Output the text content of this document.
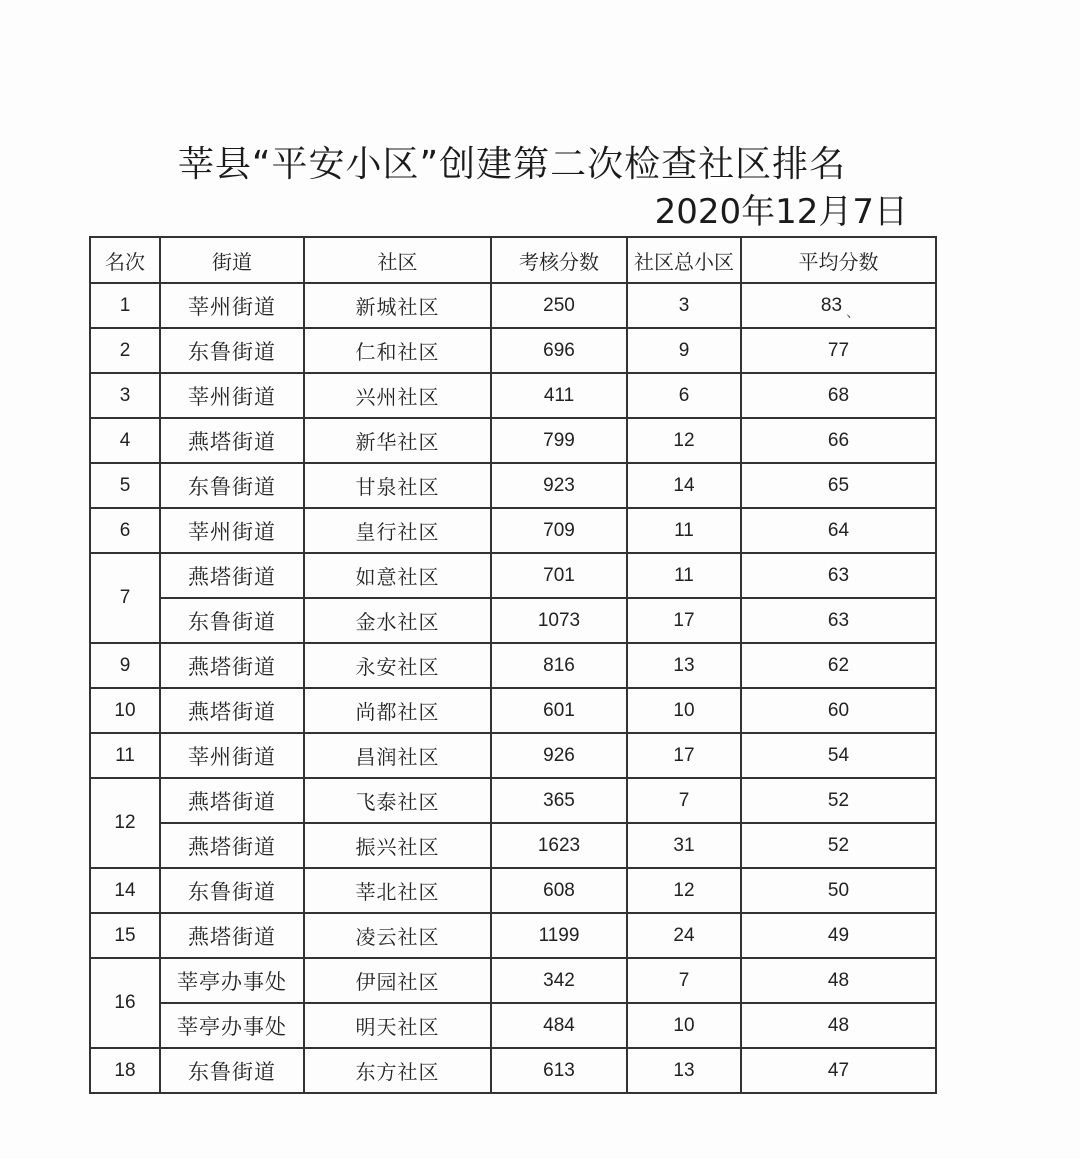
莘县“平安小区”创建第二次检查社区排名
2020年12月7日
名次	街道	社区	考核分数	社区总小区	平均分数
1	莘州街道	新城社区	250	3	83 、
2	东鲁街道	仁和社区	696	9	77
3	莘州街道	兴州社区	411	6	68
4	燕塔街道	新华社区	799	12	66
5	东鲁街道	甘泉社区	923	14	65
6	莘州街道	皇行社区	709	11	64
7	燕塔街道	如意社区	701	11	63
	东鲁街道	金水社区	1073	17	63
9	燕塔街道	永安社区	816	13	62
10	燕塔街道	尚都社区	601	10	60
11	莘州街道	昌润社区	926	17	54
12	燕塔街道	飞泰社区	365	7	52
	燕塔街道	振兴社区	1623	31	52
14	东鲁街道	莘北社区	608	12	50
15	燕塔街道	凌云社区	1199	24	49
16	莘亭办事处	伊园社区	342	7	48
	莘亭办事处	明天社区	484	10	48
18	东鲁街道	东方社区	613	13	47
